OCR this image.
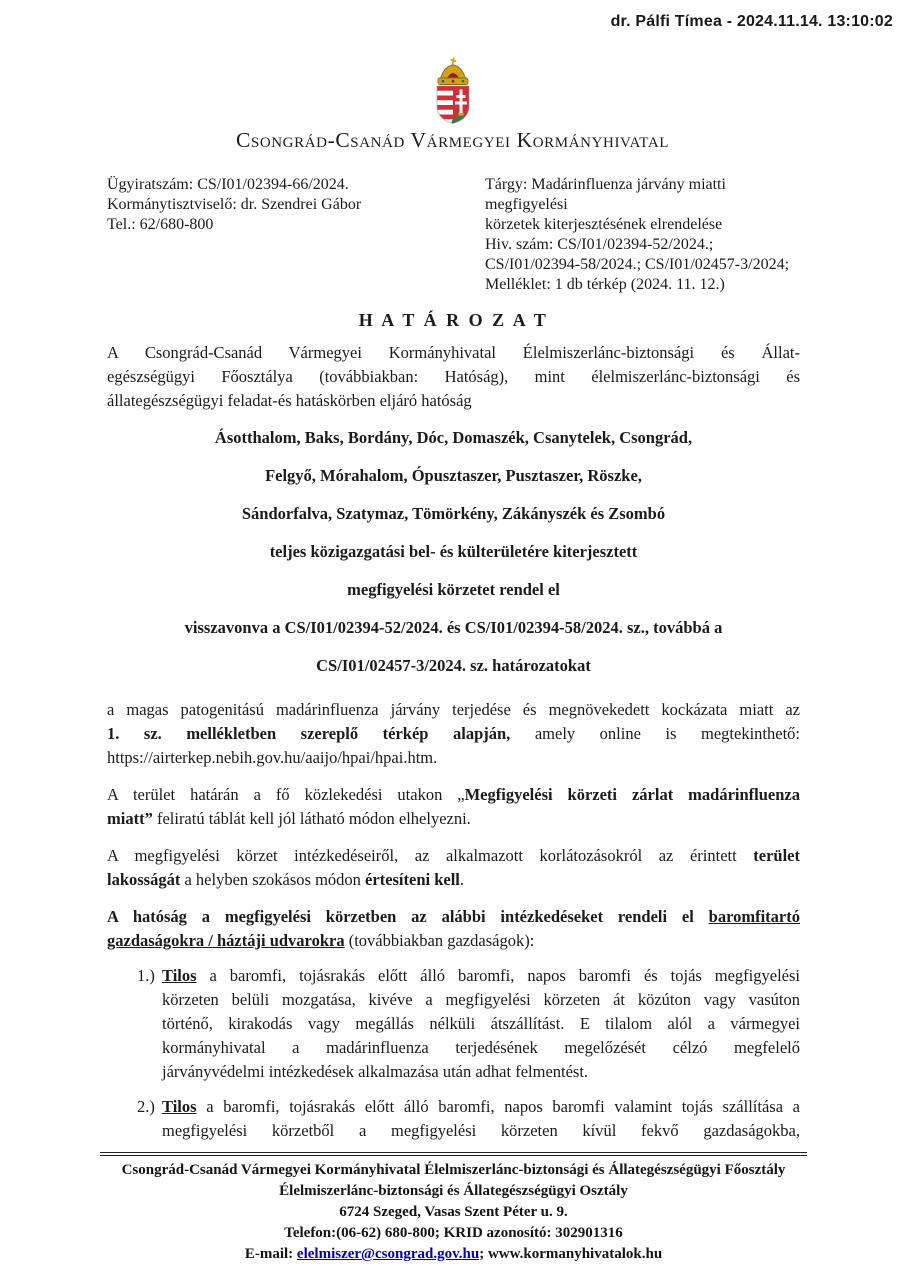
dr. Pálfi Tímea - 2024.11.14. 13:10:02
Csongrád-Csanád Vármegyei Kormányhivatal
Ügyiratszám: CS/I01/02394-66/2024.
Kormánytisztviselő: dr. Szendrei Gábor
Tel.: 62/680-800
Tárgy: Madárinfluenza járvány miatti megfigyelési
körzetek kiterjesztésének elrendelése
Hiv. szám: CS/I01/02394-52/2024.;
CS/I01/02394-58/2024.; CS/I01/02457-3/2024;
Melléklet: 1 db térkép (2024. 11. 12.)
H A T Á R O Z A T
A Csongrád-Csanád Vármegyei Kormányhivatal Élelmiszerlánc-biztonsági és Állat-
egészségügyi Főosztálya (továbbiakban: Hatóság), mint élelmiszerlánc-biztonsági és
állategészségügyi feladat-és hatáskörben eljáró hatóság
Ásotthalom, Baks, Bordány, Dóc, Domaszék, Csanytelek, Csongrád,
Felgyő, Mórahalom, Ópusztaszer, Pusztaszer, Röszke,
Sándorfalva, Szatymaz, Tömörkény, Zákányszék és Zsombó
teljes közigazgatási bel- és külterületére kiterjesztett
megfigyelési körzetet rendel el
visszavonva a CS/I01/02394-52/2024. és CS/I01/02394-58/2024. sz., továbbá a
CS/I01/02457-3/2024. sz. határozatokat
a magas patogenitású madárinfluenza járvány terjedése és megnövekedett kockázata miatt az
1. sz. mellékletben szereplő térkép alapján, amely online is megtekinthető:
https://airterkep.nebih.gov.hu/aaijo/hpai/hpai.htm.
A terület határán a fő közlekedési utakon „Megfigyelési körzeti zárlat madárinfluenza
miatt” feliratú táblát kell jól látható módon elhelyezni.
A megfigyelési körzet intézkedéseiről, az alkalmazott korlátozásokról az érintett terület
lakosságát a helyben szokásos módon értesíteni kell.
A hatóság a megfigyelési körzetben az alábbi intézkedéseket rendeli el baromfitartó
gazdaságokra / háztáji udvarokra (továbbiakban gazdaságok):
1.) Tilos a baromfi, tojásrakás előtt álló baromfi, napos baromfi és tojás megfigyelési
körzeten belüli mozgatása, kivéve a megfigyelési körzeten át közúton vagy vasúton
történő, kirakodás vagy megállás nélküli átszállítást. E tilalom alól a vármegyei
kormányhivatal a madárinfluenza terjedésének megelőzését célzó megfelelő
járványvédelmi intézkedések alkalmazása után adhat felmentést.
2.) Tilos a baromfi, tojásrakás előtt álló baromfi, napos baromfi valamint tojás szállítása a
megfigyelési körzetből a megfigyelési körzeten kívül fekvő gazdaságokba,
Csongrád-Csanád Vármegyei Kormányhivatal Élelmiszerlánc-biztonsági és Állategészségügyi Főosztály
Élelmiszerlánc-biztonsági és Állategészségügyi Osztály
6724 Szeged, Vasas Szent Péter u. 9.
Telefon:(06-62) 680-800; KRID azonosító: 302901316
E-mail: elelmiszer@csongrad.gov.hu; www.kormanyhivatalok.hu
